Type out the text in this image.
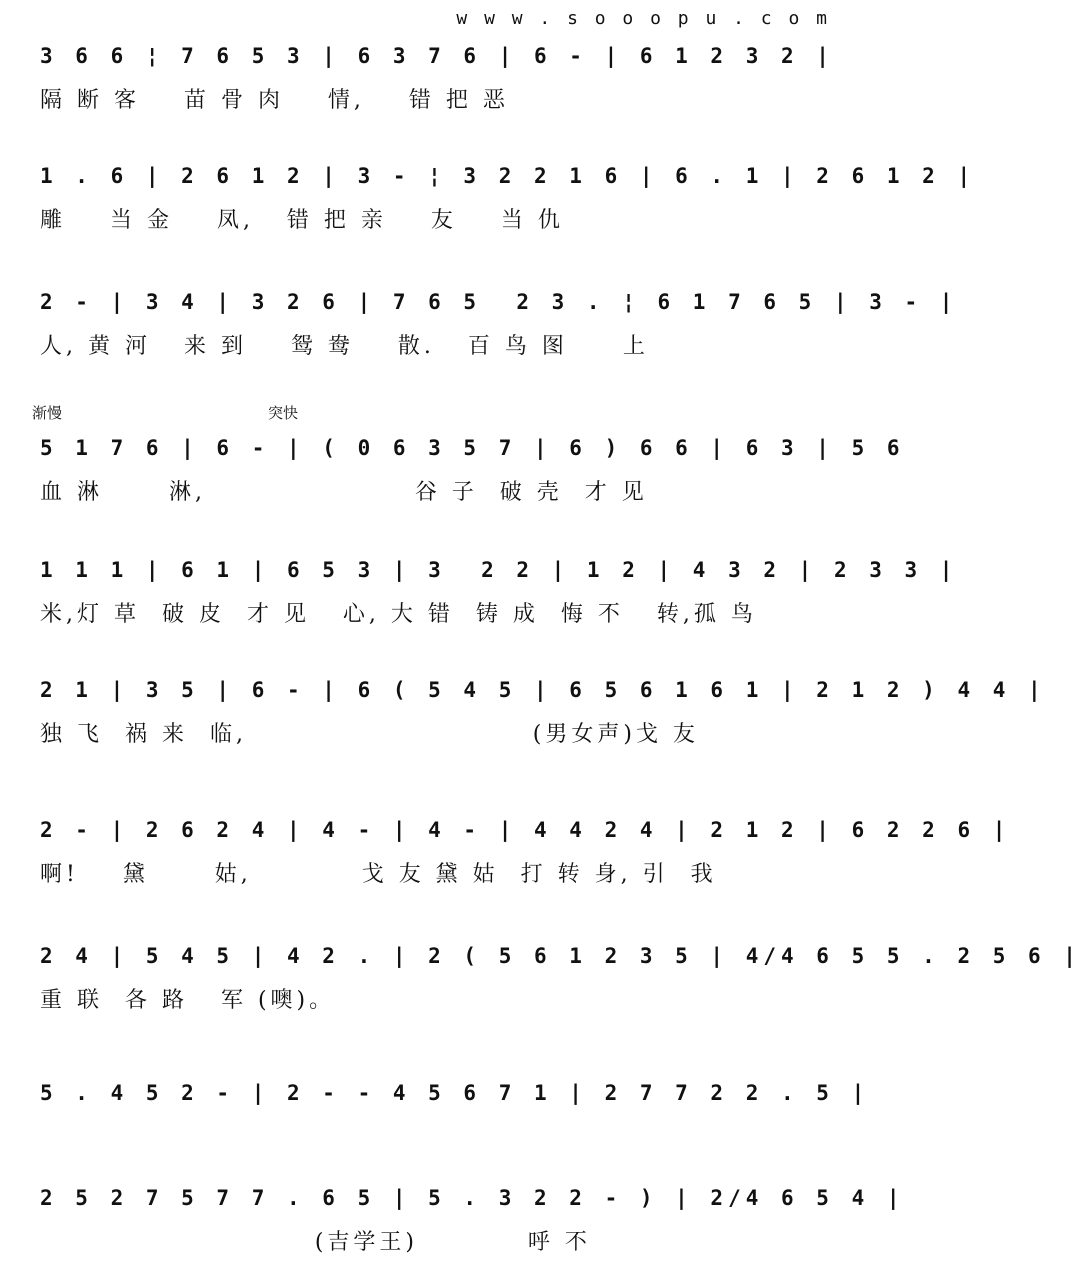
w w w . s o o o p u . c o m
3 6 6 ¦ 7 6 5 3 | 6 3 7 6 | 6 - | 6 1 2 3 2 |
隔 断 客    苗 骨 肉    情,    错 把 恶
1 . 6 | 2 6 1 2 | 3 - ¦ 3 2 2 1 6 | 6 . 1 | 2 6 1 2 |
雕    当 金    凤,   错 把 亲    友    当 仇
2 - | 3 4 | 3 2 6 | 7 6 5  2 3 . ¦ 6 1 7 6 5 | 3 - |
人, 黄 河   来 到    鸳 鸯    散.   百 鸟 图     上
渐慢	突快
5 1 7 6 | 6 - | ( 0 6 3 5 7 | 6 ) 6 6 | 6 3 | 5 6
血 淋      淋,                   谷 子  破 壳  才 见
1 1 1 | 6 1 | 6 5 3 | 3  2 2 | 1 2 | 4 3 2 | 2 3 3 |
米,灯 草  破 皮  才 见   心, 大 错  铸 成  悔 不   转,孤 鸟
2 1 | 3 5 | 6 - | 6 ( 5 4 5 | 6 5 6 1 6 1 | 2 1 2 ) 4 4 |
独 飞  祸 来  临,                          (男女声)戈 友
2 - | 2 6 2 4 | 4 - | 4 - | 4 4 2 4 | 2 1 2 | 6 2 2 6 |
啊!    黛      姑,          戈 友 黛 姑  打 转 身, 引  我
2 4 | 5 4 5 | 4 2 . | 2 ( 5 6 1 2 3 5 | 4/4 6 5 5 . 2 5 6 |
重 联  各 路   军 (噢)。
5 . 4 5 2 - | 2 - - 4 5 6 7 1 | 2 7 7 2 2 . 5 |
2 5 2 7 5 7 7 . 6 5 | 5 . 3 2 2 - ) | 2/4 6 5 4 |
(吉学王)          呼 不
